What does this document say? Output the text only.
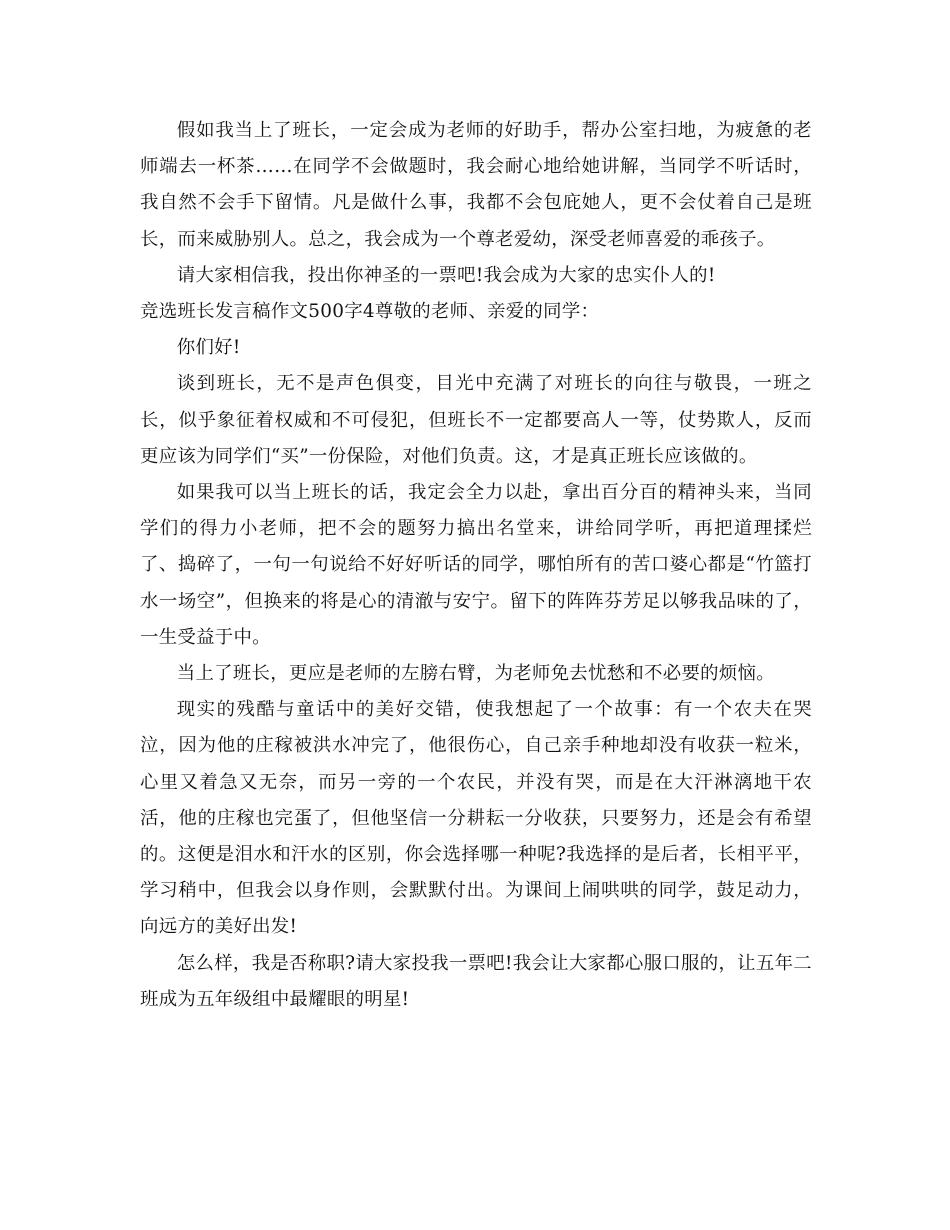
假如我当上了班长，一定会成为老师的好助手，帮办公室扫地，为疲惫的老师端去一杯茶……在同学不会做题时，我会耐心地给她讲解，当同学不听话时，我自然不会手下留情。凡是做什么事，我都不会包庇她人，更不会仗着自己是班长，而来威胁别人。总之，我会成为一个尊老爱幼，深受老师喜爱的乖孩子。

请大家相信我，投出你神圣的一票吧!我会成为大家的忠实仆人的!

竞选班长发言稿作文500字4尊敬的老师、亲爱的同学：

你们好!

谈到班长，无不是声色俱变，目光中充满了对班长的向往与敬畏，一班之长，似乎象征着权威和不可侵犯，但班长不一定都要高人一等，仗势欺人，反而更应该为同学们“买”一份保险，对他们负责。这，才是真正班长应该做的。

如果我可以当上班长的话，我定会全力以赴，拿出百分百的精神头来，当同学们的得力小老师，把不会的题努力搞出名堂来，讲给同学听，再把道理揉烂了、捣碎了，一句一句说给不好好听话的同学，哪怕所有的苦口婆心都是“竹篮打水一场空”，但换来的将是心的清澈与安宁。留下的阵阵芬芳足以够我品味的了，一生受益于中。

当上了班长，更应是老师的左膀右臂，为老师免去忧愁和不必要的烦恼。

现实的残酷与童话中的美好交错，使我想起了一个故事：有一个农夫在哭泣，因为他的庄稼被洪水冲完了，他很伤心，自己亲手种地却没有收获一粒米，心里又着急又无奈，而另一旁的一个农民，并没有哭，而是在大汗淋漓地干农活，他的庄稼也完蛋了，但他坚信一分耕耘一分收获，只要努力，还是会有希望的。这便是泪水和汗水的区别，你会选择哪一种呢?我选择的是后者，长相平平，学习稍中，但我会以身作则，会默默付出。为课间上闹哄哄的同学，鼓足动力，向远方的美好出发!

怎么样，我是否称职?请大家投我一票吧!我会让大家都心服口服的，让五年二班成为五年级组中最耀眼的明星!
